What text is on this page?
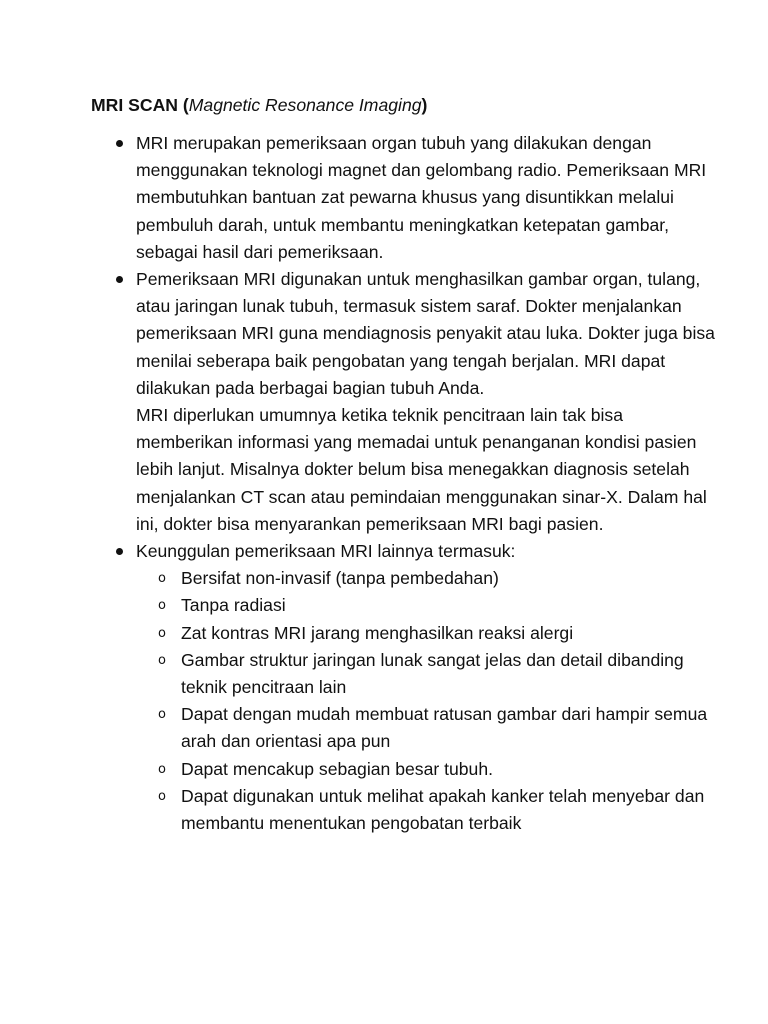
MRI SCAN (Magnetic Resonance Imaging)

MRI merupakan pemeriksaan organ tubuh yang dilakukan dengan menggunakan teknologi magnet dan gelombang radio. Pemeriksaan MRI membutuhkan bantuan zat pewarna khusus yang disuntikkan melalui pembuluh darah, untuk membantu meningkatkan ketepatan gambar, sebagai hasil dari pemeriksaan.

Pemeriksaan MRI digunakan untuk menghasilkan gambar organ, tulang, atau jaringan lunak tubuh, termasuk sistem saraf. Dokter menjalankan pemeriksaan MRI guna mendiagnosis penyakit atau luka. Dokter juga bisa menilai seberapa baik pengobatan yang tengah berjalan. MRI dapat dilakukan pada berbagai bagian tubuh Anda.

MRI diperlukan umumnya ketika teknik pencitraan lain tak bisa memberikan informasi yang memadai untuk penanganan kondisi pasien lebih lanjut. Misalnya dokter belum bisa menegakkan diagnosis setelah menjalankan CT scan atau pemindaian menggunakan sinar-X. Dalam hal ini, dokter bisa menyarankan pemeriksaan MRI bagi pasien.

Keunggulan pemeriksaan MRI lainnya termasuk:

o Bersifat non-invasif (tanpa pembedahan)
o Tanpa radiasi
o Zat kontras MRI jarang menghasilkan reaksi alergi
o Gambar struktur jaringan lunak sangat jelas dan detail dibanding teknik pencitraan lain
o Dapat dengan mudah membuat ratusan gambar dari hampir semua arah dan orientasi apa pun
o Dapat mencakup sebagian besar tubuh.
o Dapat digunakan untuk melihat apakah kanker telah menyebar dan membantu menentukan pengobatan terbaik
